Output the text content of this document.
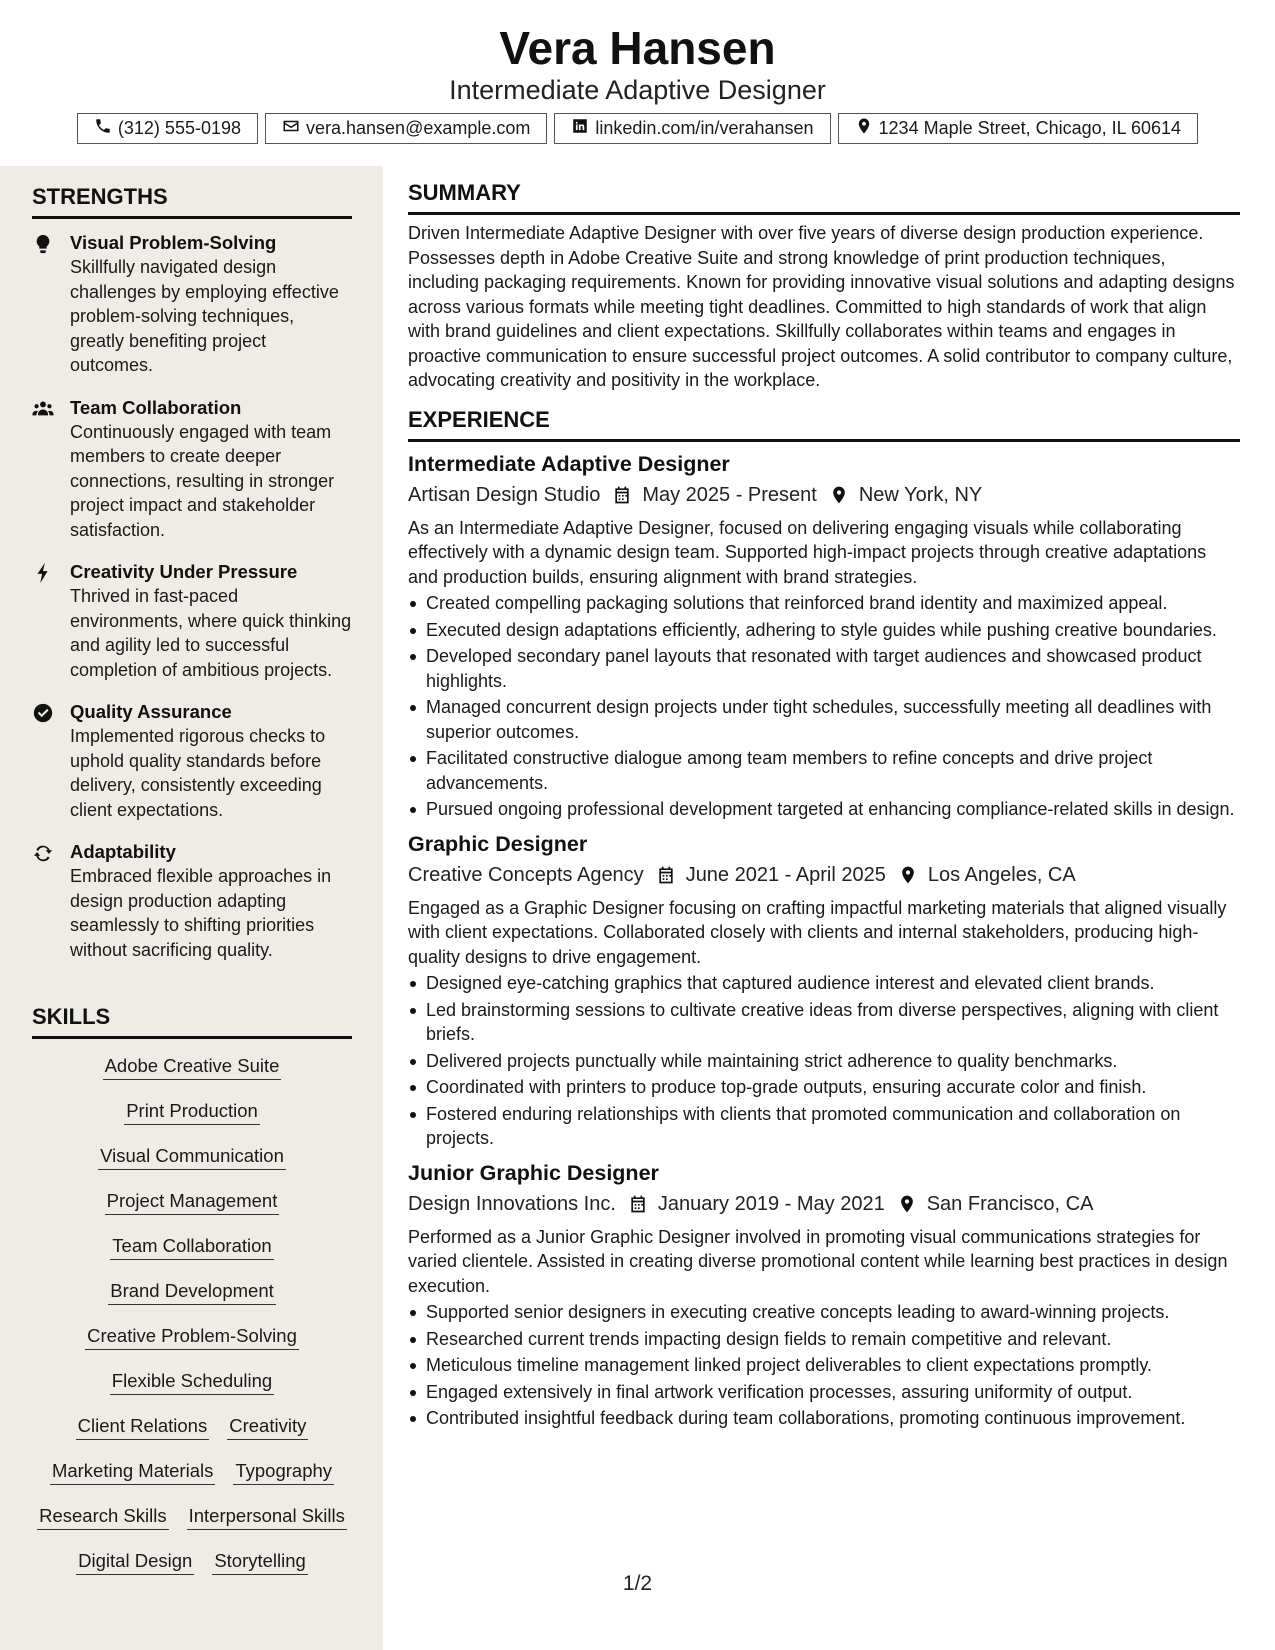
Vera Hansen
Intermediate Adaptive Designer
(312) 555-0198	vera.hansen@example.com	linkedin.com/in/verahansen	1234 Maple Street, Chicago, IL 60614
STRENGTHS
Visual Problem-Solving
Skillfully navigated design challenges by employing effective problem-solving techniques, greatly benefiting project outcomes.
Team Collaboration
Continuously engaged with team members to create deeper connections, resulting in stronger project impact and stakeholder satisfaction.
Creativity Under Pressure
Thrived in fast-paced environments, where quick thinking and agility led to successful completion of ambitious projects.
Quality Assurance
Implemented rigorous checks to uphold quality standards before delivery, consistently exceeding client expectations.
Adaptability
Embraced flexible approaches in design production adapting seamlessly to shifting priorities without sacrificing quality.
SKILLS
Adobe Creative Suite
Print Production
Visual Communication
Project Management
Team Collaboration
Brand Development
Creative Problem-Solving
Flexible Scheduling
Client Relations Creativity
Marketing Materials Typography
Research Skills Interpersonal Skills
Digital Design Storytelling
SUMMARY
Driven Intermediate Adaptive Designer with over five years of diverse design production experience. Possesses depth in Adobe Creative Suite and strong knowledge of print production techniques, including packaging requirements. Known for providing innovative visual solutions and adapting designs across various formats while meeting tight deadlines. Committed to high standards of work that align with brand guidelines and client expectations. Skillfully collaborates within teams and engages in proactive communication to ensure successful project outcomes. A solid contributor to company culture, advocating creativity and positivity in the workplace.
EXPERIENCE
Intermediate Adaptive Designer
Artisan Design Studio May 2025 - Present New York, NY
As an Intermediate Adaptive Designer, focused on delivering engaging visuals while collaborating effectively with a dynamic design team. Supported high-impact projects through creative adaptations and production builds, ensuring alignment with brand strategies.
Created compelling packaging solutions that reinforced brand identity and maximized appeal.
Executed design adaptations efficiently, adhering to style guides while pushing creative boundaries.
Developed secondary panel layouts that resonated with target audiences and showcased product highlights.
Managed concurrent design projects under tight schedules, successfully meeting all deadlines with superior outcomes.
Facilitated constructive dialogue among team members to refine concepts and drive project advancements.
Pursued ongoing professional development targeted at enhancing compliance-related skills in design.
Graphic Designer
Creative Concepts Agency June 2021 - April 2025 Los Angeles, CA
Engaged as a Graphic Designer focusing on crafting impactful marketing materials that aligned visually with client expectations. Collaborated closely with clients and internal stakeholders, producing high-quality designs to drive engagement.
Designed eye-catching graphics that captured audience interest and elevated client brands.
Led brainstorming sessions to cultivate creative ideas from diverse perspectives, aligning with client briefs.
Delivered projects punctually while maintaining strict adherence to quality benchmarks.
Coordinated with printers to produce top-grade outputs, ensuring accurate color and finish.
Fostered enduring relationships with clients that promoted communication and collaboration on projects.
Junior Graphic Designer
Design Innovations Inc. January 2019 - May 2021 San Francisco, CA
Performed as a Junior Graphic Designer involved in promoting visual communications strategies for varied clientele. Assisted in creating diverse promotional content while learning best practices in design execution.
Supported senior designers in executing creative concepts leading to award-winning projects.
Researched current trends impacting design fields to remain competitive and relevant.
Meticulous timeline management linked project deliverables to client expectations promptly.
Engaged extensively in final artwork verification processes, assuring uniformity of output.
Contributed insightful feedback during team collaborations, promoting continuous improvement.
1/2
